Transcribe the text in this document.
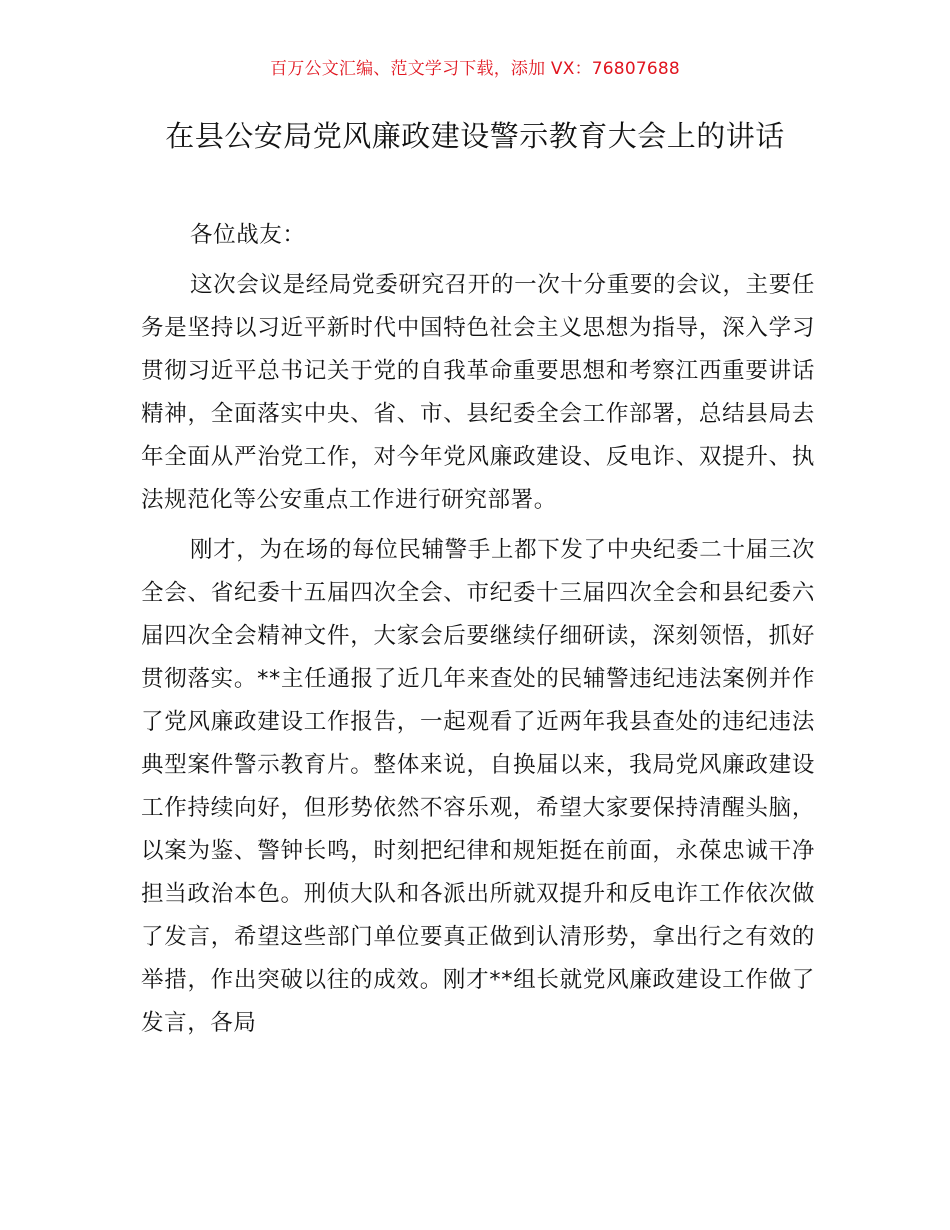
百万公文汇编、范文学习下载，添加 VX：76807688
在县公安局党风廉政建设警示教育大会上的讲话

各位战友：

这次会议是经局党委研究召开的一次十分重要的会议，主要任务是坚持以习近平新时代中国特色社会主义思想为指导，深入学习贯彻习近平总书记关于党的自我革命重要思想和考察江西重要讲话精神，全面落实中央、省、市、县纪委全会工作部署，总结县局去年全面从严治党工作，对今年党风廉政建设、反电诈、双提升、执法规范化等公安重点工作进行研究部署。

刚才，为在场的每位民辅警手上都下发了中央纪委二十届三次全会、省纪委十五届四次全会、市纪委十三届四次全会和县纪委六届四次全会精神文件，大家会后要继续仔细研读，深刻领悟，抓好贯彻落实。**主任通报了近几年来查处的民辅警违纪违法案例并作了党风廉政建设工作报告，一起观看了近两年我县查处的违纪违法典型案件警示教育片。整体来说，自换届以来，我局党风廉政建设工作持续向好，但形势依然不容乐观，希望大家要保持清醒头脑，以案为鉴、警钟长鸣，时刻把纪律和规矩挺在前面，永葆忠诚干净担当政治本色。刑侦大队和各派出所就双提升和反电诈工作依次做了发言，希望这些部门单位要真正做到认清形势，拿出行之有效的举措，作出突破以往的成效。刚才**组长就党风廉政建设工作做了发言，各局
